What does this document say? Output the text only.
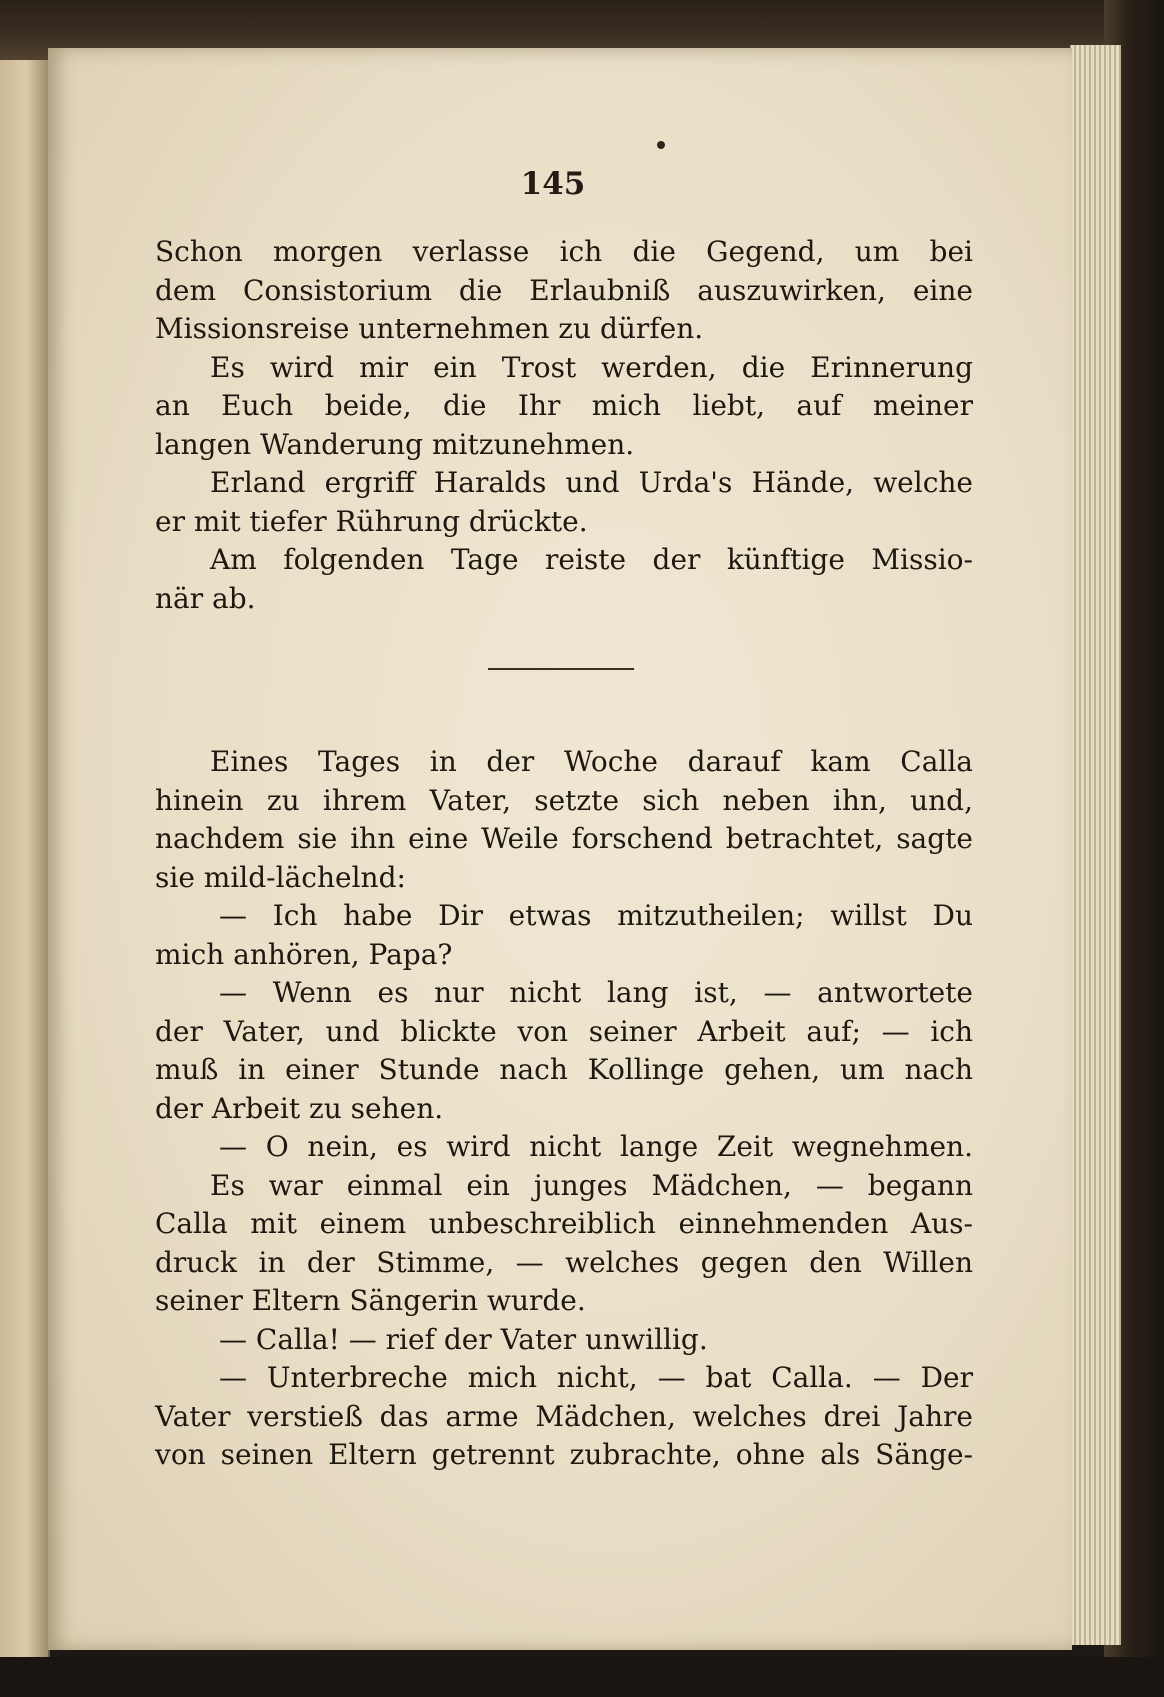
145
Schon morgen verlasse ich die Gegend, um bei
dem Consistorium die Erlaubniß auszuwirken, eine
Missionsreise unternehmen zu dürfen.
Es wird mir ein Trost werden, die Erinnerung
an Euch beide, die Ihr mich liebt, auf meiner
langen Wanderung mitzunehmen.
Erland ergriff Haralds und Urda's Hände, welche
er mit tiefer Rührung drückte.
Am folgenden Tage reiste der künftige Missio-
när ab.
Eines Tages in der Woche darauf kam Calla
hinein zu ihrem Vater, setzte sich neben ihn, und,
nachdem sie ihn eine Weile forschend betrachtet, sagte
sie mild-lächelnd:
— Ich habe Dir etwas mitzutheilen; willst Du
mich anhören, Papa?
— Wenn es nur nicht lang ist, — antwortete
der Vater, und blickte von seiner Arbeit auf; — ich
muß in einer Stunde nach Kollinge gehen, um nach
der Arbeit zu sehen.
— O nein, es wird nicht lange Zeit wegnehmen.
Es war einmal ein junges Mädchen, — begann
Calla mit einem unbeschreiblich einnehmenden Aus-
druck in der Stimme, — welches gegen den Willen
seiner Eltern Sängerin wurde.
— Calla! — rief der Vater unwillig.
— Unterbreche mich nicht, — bat Calla. — Der
Vater verstieß das arme Mädchen, welches drei Jahre
von seinen Eltern getrennt zubrachte, ohne als Sänge-
